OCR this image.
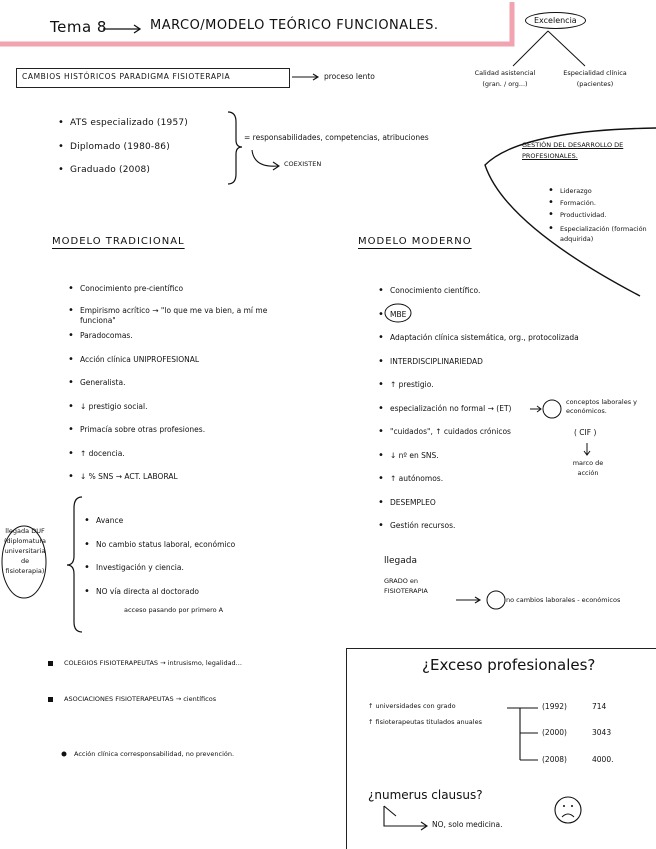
Tema 8	MARCO/MODELO TEÓRICO FUNCIONALES.	Excelencia
Calidad asistencial (gran. / org...)
Especialidad clínica (pacientes)
CAMBIOS HISTÓRICOS PARADIGMA FISIOTERAPIA	proceso lento
• ATS especializado (1957)
• Diplomado (1980-86)
• Graduado (2008)
= responsabilidades, competencias, atribuciones
COEXISTEN
GESTIÓN DEL DESARROLLO DE PROFESIONALES.
• Liderazgo
• Formación.
• Productividad.
• Especialización (formación adquirida)
MODELO TRADICIONAL
• Conocimiento pre-científico
• Empirismo acrítico → "lo que me va bien, a mí me funciona"
• Paradocomas.
• Acción clínica UNIPROFESIONAL
• Generalista.
• ↓ prestigio social.
• Primacía sobre otras profesiones.
• ↑ docencia.
• ↓ % SNS → ACT. LABORAL
llegada DUF (diplomatura universitaria de fisioterapia)
• Avance
• No cambio status laboral, económico
• Investigación y ciencia.
• NO vía directa al doctorado
acceso pasando por primero A
MODELO MODERNO
• Conocimiento científico.
• MBE
• Adaptación clínica sistemática, org., protocolizada
• INTERDISCIPLINARIEDAD
• ↑ prestigio.
• especialización no formal → (ET)
• "cuidados", ↑ cuidados crónicos
• ↓ nº en SNS.
• ↑ autónomos.
• DESEMPLEO
• Gestión recursos.
conceptos laborales y económicos.
( CIF )
marco de acción
llegada
GRADO en FISIOTERAPIA
no cambios laborales - económicos
COLEGIOS FISIOTERAPEUTAS → intrusismo, legalidad...
ASOCIACIONES FISIOTERAPEUTAS → científicos
Acción clínica corresponsabilidad, no prevención.
¿Exceso profesionales?
↑ universidades con grado
↑ fisioterapeutas titulados anuales
(1992)	714
(2000)	3043
(2008)	4000.
¿numerus clausus?
NO, solo medicina.
